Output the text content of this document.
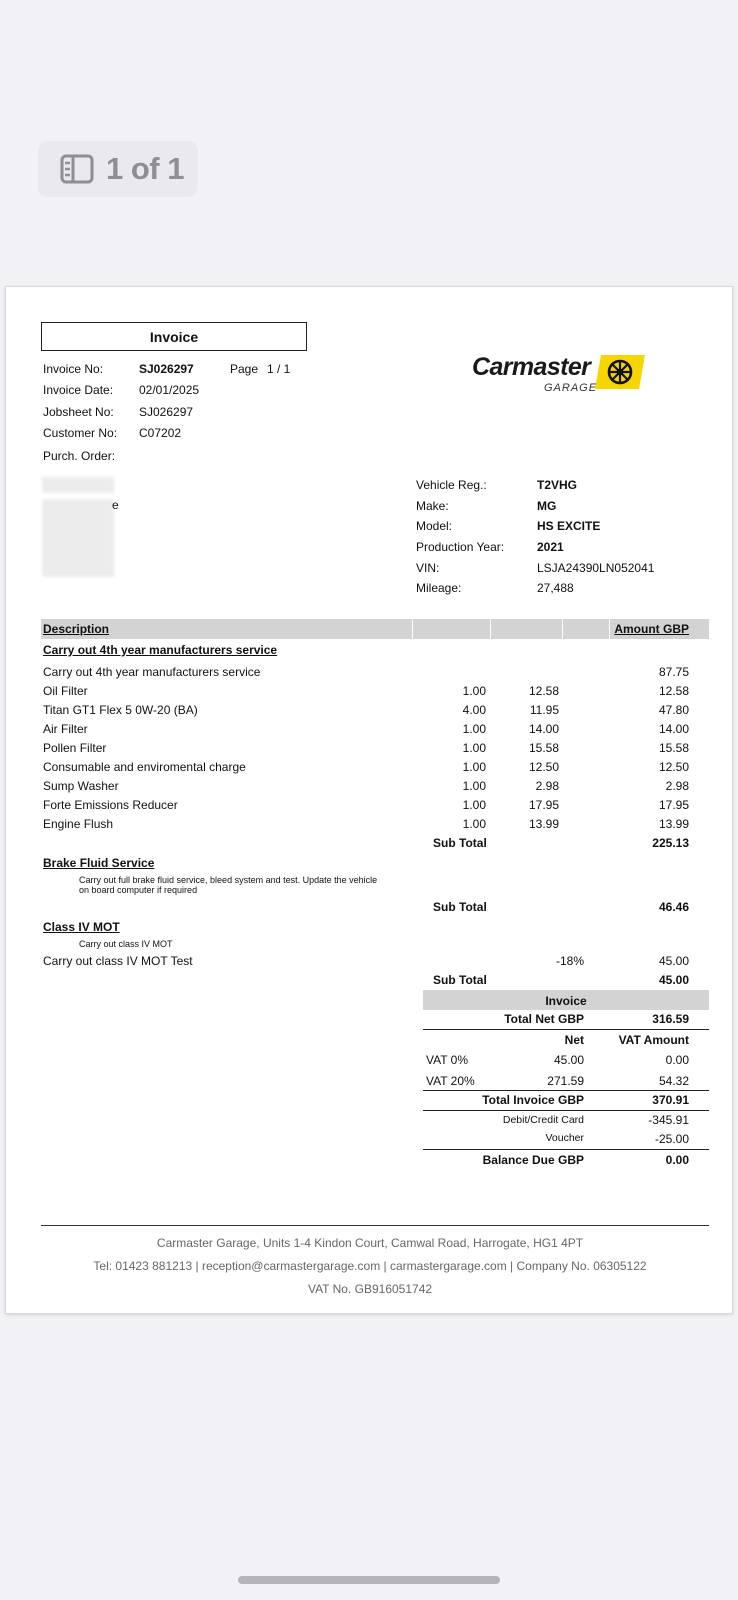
1 of 1
Invoice
Invoice No:	SJ026297	Page 1 / 1
Invoice Date: 02/01/2025
Jobsheet No: SJ026297
Customer No: C07202
Purch. Order:
Carmaster
GARAGE
e
Vehicle Reg.:	T2VHG
Make:	MG
Model:	HS EXCITE
Production Year:	2021
VIN:	LSJA24390LN052041
Mileage:	27,488
Description	Amount GBP
Carry out 4th year manufacturers service
Carry out 4th year manufacturers service	87.75
Oil Filter	1.00	12.58	12.58
Titan GT1 Flex 5 0W-20 (BA)	4.00	11.95	47.80
Air Filter	1.00	14.00	14.00
Pollen Filter	1.00	15.58	15.58
Consumable and enviromental charge	1.00	12.50	12.50
Sump Washer	1.00	2.98	2.98
Forte Emissions Reducer	1.00	17.95	17.95
Engine Flush	1.00	13.99	13.99
Sub Total	225.13
Brake Fluid Service
Carry out full brake fluid service, bleed system and test. Update the vehicle
on board computer if required
Sub Total	46.46
Class IV MOT
Carry out class IV MOT
Carry out class IV MOT Test	-18%	45.00
Sub Total	45.00
Invoice
Total Net GBP	316.59
Net	VAT Amount
VAT 0%	45.00	0.00
VAT 20%	271.59	54.32
Total Invoice GBP	370.91
Debit/Credit Card	-345.91
Voucher	-25.00
Balance Due GBP	0.00
Carmaster Garage, Units 1-4 Kindon Court, Camwal Road, Harrogate, HG1 4PT
Tel: 01423 881213 | reception@carmastergarage.com | carmastergarage.com | Company No. 06305122
VAT No. GB916051742
